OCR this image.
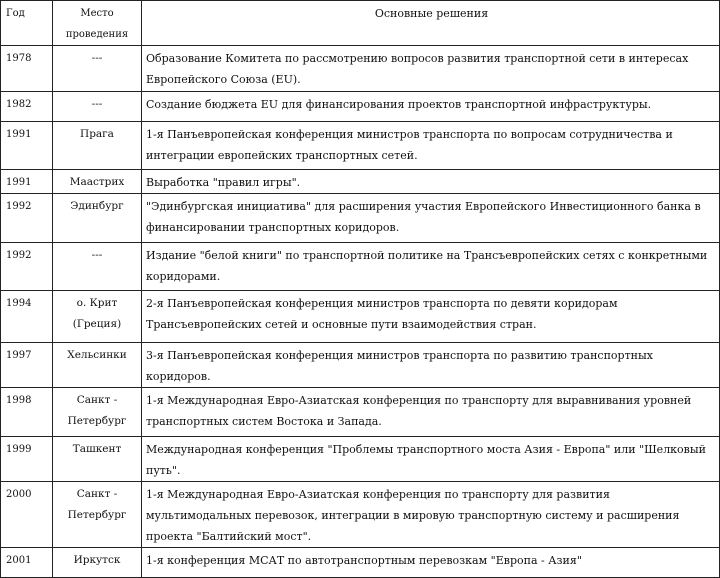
Год	Место проведения	Основные решения
1978	---	Образование Комитета по рассмотрению вопросов развития транспортной сети в интересах Европейского Союза (EU).
1982	---	Создание бюджета EU для финансирования проектов транспортной инфраструктуры.
1991	Прага	1-я Панъевропейская конференция министров транспорта по вопросам сотрудничества и интеграции европейских транспортных сетей.
1991	Маастрих	Выработка "правил игры".
1992	Эдинбург	"Эдинбургская инициатива" для расширения участия Европейского Инвестиционного банка в финансировании транспортных коридоров.
1992	---	Издание "белой книги" по транспортной политике на Трансъевропейских сетях с конкретными коридорами.
1994	о. Крит (Греция)	2-я Панъевропейская конференция министров транспорта по девяти коридорам Трансъевропейских сетей и основные пути взаимодействия стран.
1997	Хельсинки	3-я Панъевропейская конференция министров транспорта по развитию транспортных коридоров.
1998	Санкт - Петербург	1-я Международная Евро-Азиатская конференция по транспорту для выравнивания уровней транспортных систем Востока и Запада.
1999	Ташкент	Международная конференция "Проблемы транспортного моста Азия - Европа" или "Шелковый путь".
2000	Санкт - Петербург	1-я Международная Евро-Азиатская конференция по транспорту для развития мультимодальных перевозок, интеграции в мировую транспортную систему и расширения проекта "Балтийский мост".
2001	Иркутск	1-я конференция МСАТ по автотранспортным перевозкам "Европа - Азия"
